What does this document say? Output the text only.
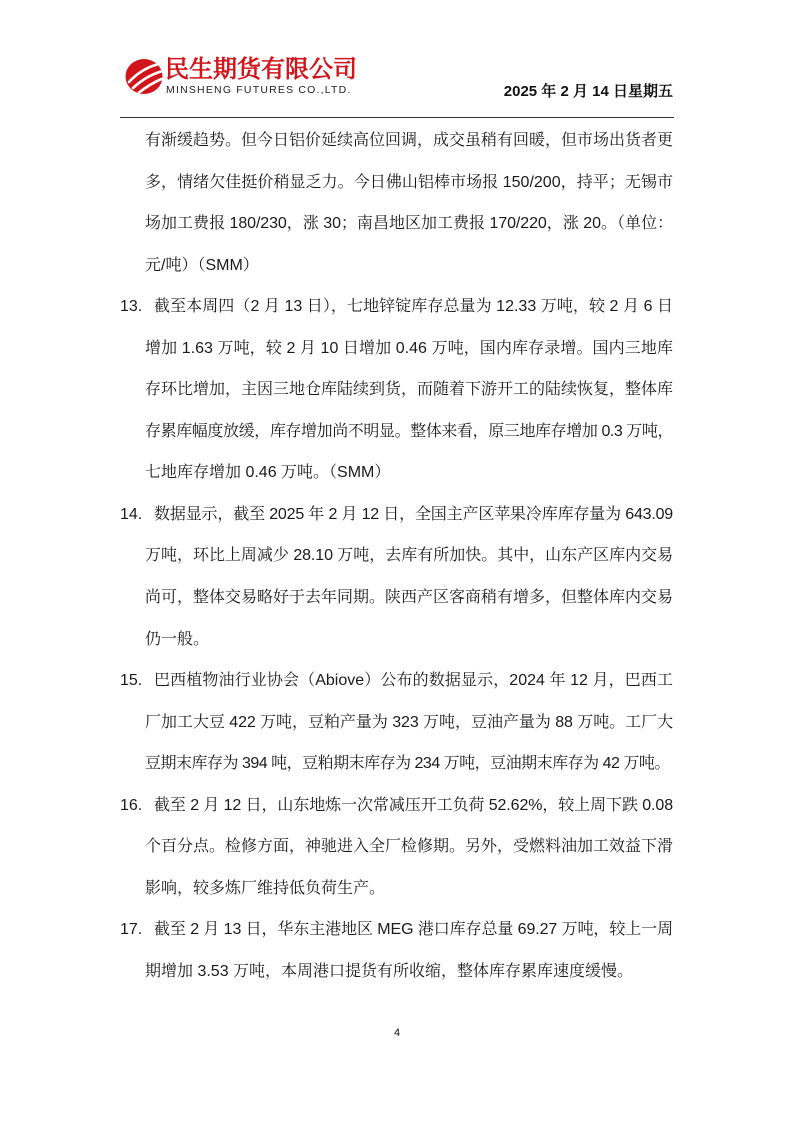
民生期货有限公司
MINSHENG FUTURES CO.,LTD.	2025 年 2 月 14 日星期五
有渐缓趋势。但今日铝价延续高位回调，成交虽稍有回暖，但市场出货者更
多，情绪欠佳挺价稍显乏力。今日佛山铝棒市场报 150/200，持平；无锡市
场加工费报 180/230，涨 30；南昌地区加工费报 170/220，涨 20。（单位：
元/吨）（SMM）
13. 截至本周四（2 月 13 日），七地锌锭库存总量为 12.33 万吨，较 2 月 6 日
增加 1.63 万吨，较 2 月 10 日增加 0.46 万吨，国内库存录增。国内三地库
存环比增加，主因三地仓库陆续到货，而随着下游开工的陆续恢复，整体库
存累库幅度放缓，库存增加尚不明显。整体来看，原三地库存增加 0.3 万吨，
七地库存增加 0.46 万吨。（SMM）
14. 数据显示，截至 2025 年 2 月 12 日，全国主产区苹果冷库库存量为 643.09
万吨，环比上周减少 28.10 万吨，去库有所加快。其中，山东产区库内交易
尚可，整体交易略好于去年同期。陕西产区客商稍有增多，但整体库内交易
仍一般。
15. 巴西植物油行业协会（Abiove）公布的数据显示，2024 年 12 月，巴西工
厂加工大豆 422 万吨，豆粕产量为 323 万吨，豆油产量为 88 万吨。工厂大
豆期末库存为 394 吨，豆粕期末库存为 234 万吨，豆油期末库存为 42 万吨。
16. 截至 2 月 12 日，山东地炼一次常减压开工负荷 52.62%，较上周下跌 0.08
个百分点。检修方面，神驰进入全厂检修期。另外，受燃料油加工效益下滑
影响，较多炼厂维持低负荷生产。
17. 截至 2 月 13 日，华东主港地区 MEG 港口库存总量 69.27 万吨，较上一周
期增加 3.53 万吨，本周港口提货有所收缩，整体库存累库速度缓慢。
4
